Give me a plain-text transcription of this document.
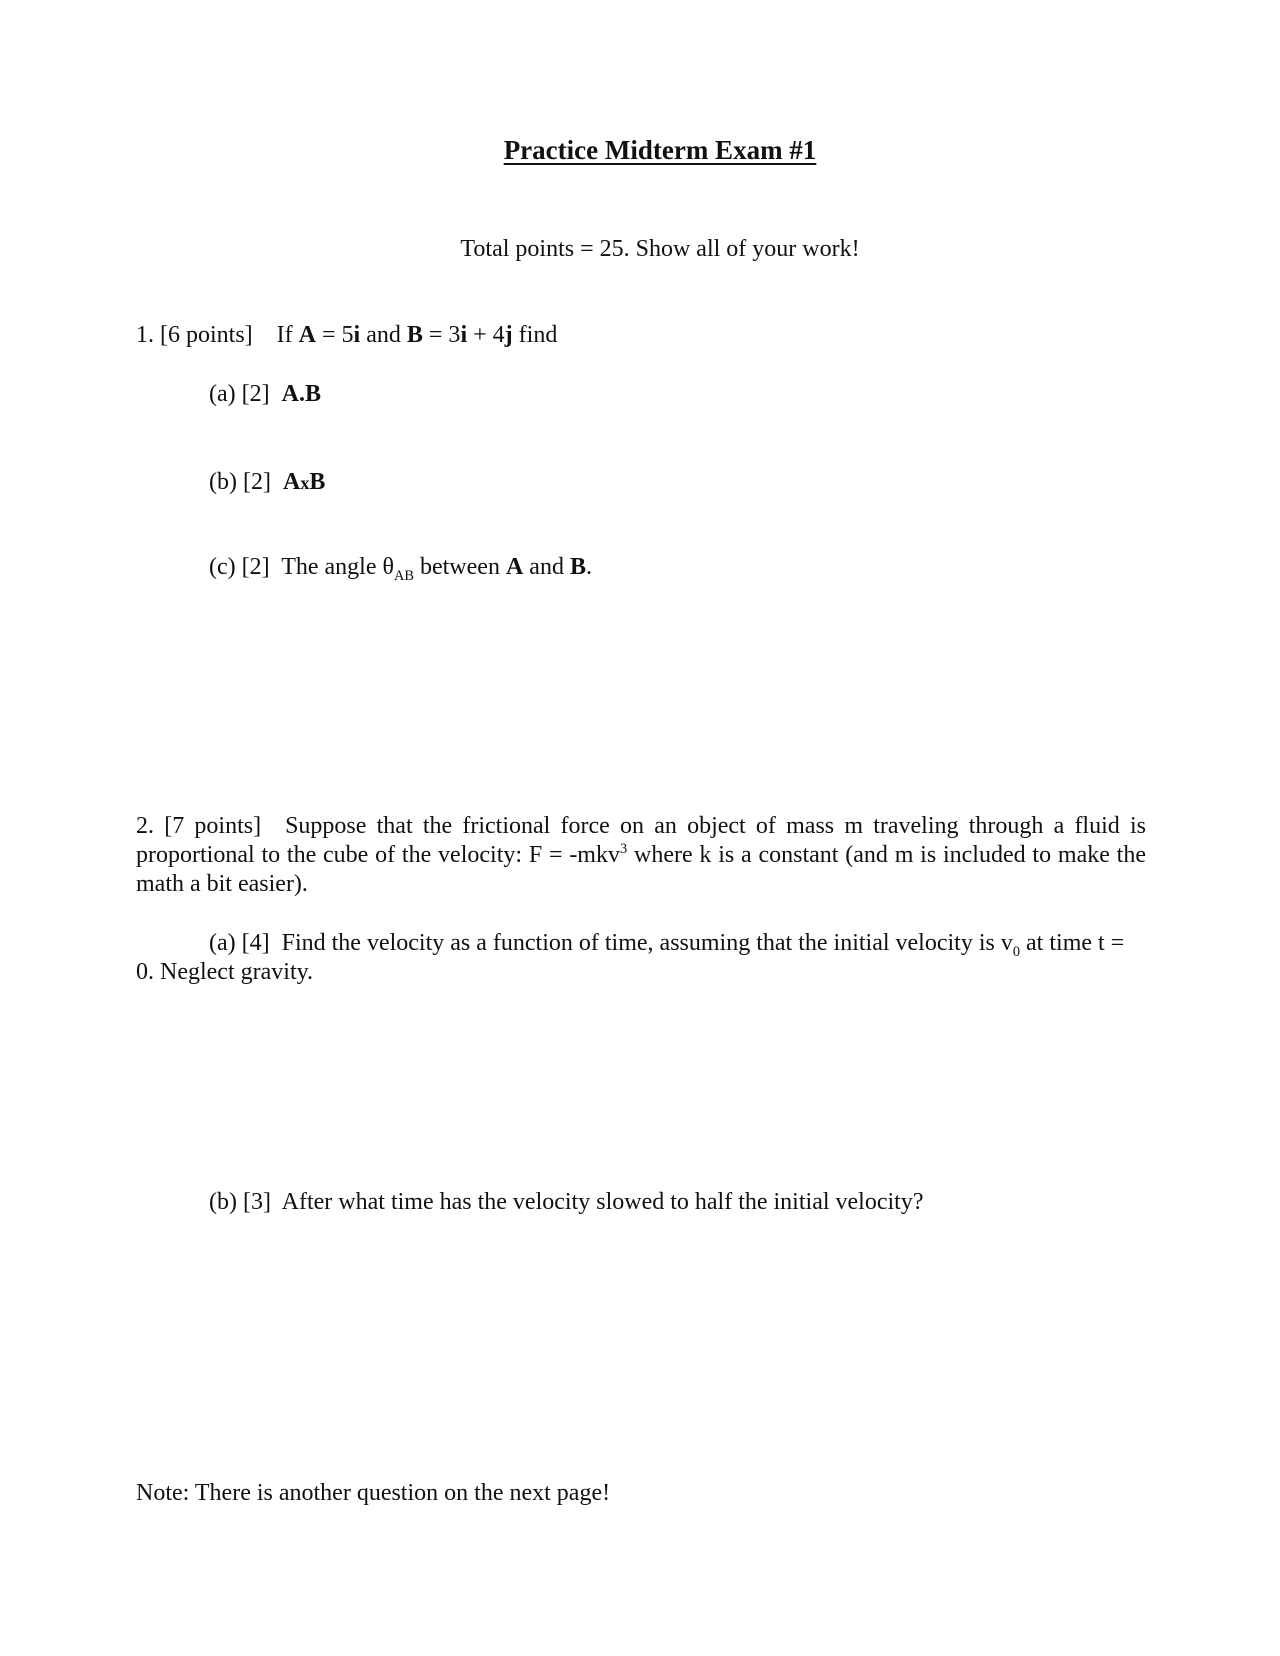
Practice Midterm Exam #1
Total points = 25. Show all of your work!
1. [6 points] If A = 5i and B = 3i + 4j find
(a) [2] A.B
(b) [2] AxB
(c) [2] The angle $\theta_{AB}$ between A and B.
2. [7 points] Suppose that the frictional force on an object of mass m traveling through a fluid is proportional to the cube of the velocity: F = -mkv$^3$ where k is a constant (and m is included to make the math a bit easier).
(a) [4] Find the velocity as a function of time, assuming that the initial velocity is $v_0$ at time t = 0. Neglect gravity.
(b) [3] After what time has the velocity slowed to half the initial velocity?
Note: There is another question on the next page!
